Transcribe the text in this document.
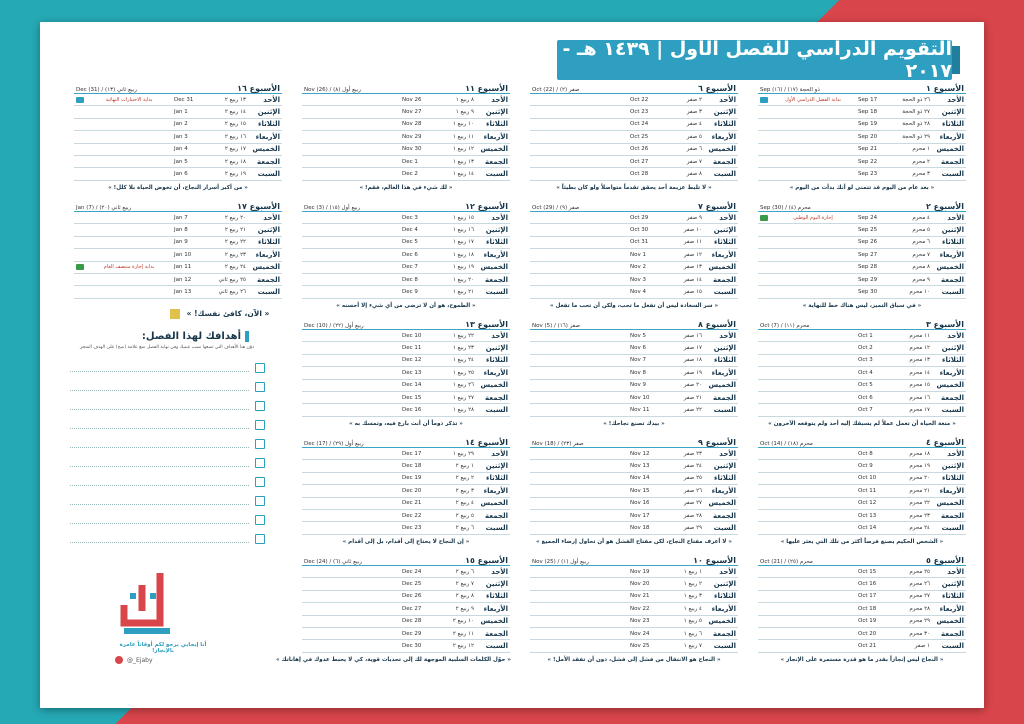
التقويم الدراسي للفصل الأول | ١٤٣٩ هـ - ٢٠١٧
الأسبوع ١
Sep (١٦) / (١٧) ذو الحجة
الأحد
٢٦ ذو الحجة
Sep 17
بداية الفصل الدراسي الأول
الإثنين
٢٧ ذو الحجة
Sep 18
الثلاثاء
٢٨ ذو الحجة
Sep 19
الأربعاء
٢٩ ذو الحجة
Sep 20
الخميس
١ محرم
Sep 21
الجمعة
٢ محرم
Sep 22
السبت
٣ محرم
Sep 23
« بعد عام من اليوم قد تتمنى لو أنك بدأت من اليوم »
الأسبوع ٢
Sep (30) / (٤) محرم
الأحد
٤ محرم
Sep 24
إجازة اليوم الوطني
الإثنين
٥ محرم
Sep 25
الثلاثاء
٦ محرم
Sep 26
الأربعاء
٧ محرم
Sep 27
الخميس
٨ محرم
Sep 28
الجمعة
٩ محرم
Sep 29
السبت
١٠ محرم
Sep 30
« في سباق التميز، ليس هناك خط للنهاية »
الأسبوع ٣
Oct (7) / (١١) محرم
الأحد
١١ محرم
Oct 1
الإثنين
١٢ محرم
Oct 2
الثلاثاء
١٣ محرم
Oct 3
الأربعاء
١٤ محرم
Oct 4
الخميس
١٥ محرم
Oct 5
الجمعة
١٦ محرم
Oct 6
السبت
١٧ محرم
Oct 7
« متعة الحياة أن تعمل عملاً لم يسبقك إليه أحد ولم يتوقعه الآخرون »
الأسبوع ٤
Oct (14) / (١٨) محرم
الأحد
١٨ محرم
Oct 8
الإثنين
١٩ محرم
Oct 9
الثلاثاء
٢٠ محرم
Oct 10
الأربعاء
٢١ محرم
Oct 11
الخميس
٢٢ محرم
Oct 12
الجمعة
٢٣ محرم
Oct 13
السبت
٢٤ محرم
Oct 14
« الشخص الحكيم يصنع فرصاً أكثر من تلك التي يعثر عليها »
الأسبوع ٥
Oct (21) / (٢٥) محرم
الأحد
٢٥ محرم
Oct 15
الإثنين
٢٦ محرم
Oct 16
الثلاثاء
٢٧ محرم
Oct 17
الأربعاء
٢٨ محرم
Oct 18
الخميس
٢٩ محرم
Oct 19
الجمعة
٣٠ محرم
Oct 20
السبت
١ صفر
Oct 21
« النجاح ليس إنجازاً بقدر ما هو قدرة مستمرة على الإنجاز »
الأسبوع ٦
Oct (22) / (٢) صفر
الأحد
٢ صفر
Oct 22
الإثنين
٣ صفر
Oct 23
الثلاثاء
٤ صفر
Oct 24
الأربعاء
٥ صفر
Oct 25
الخميس
٦ صفر
Oct 26
الجمعة
٧ صفر
Oct 27
السبت
٨ صفر
Oct 28
« لا تلبط عزيمة أحد يحقق تقدماً متواصلاً ولو كان بطيئاً »
الأسبوع ٧
Oct (29) / (٩) صفر
الأحد
٩ صفر
Oct 29
الإثنين
١٠ صفر
Oct 30
الثلاثاء
١١ صفر
Oct 31
الأربعاء
١٢ صفر
Nov 1
الخميس
١٣ صفر
Nov 2
الجمعة
١٤ صفر
Nov 3
السبت
١٥ صفر
Nov 4
« سر السعادة ليس أن تفعل ما تحب، ولكن أن تحب ما تفعل »
الأسبوع ٨
Nov (5) / (١٦) صفر
الأحد
١٦ صفر
Nov 5
الإثنين
١٧ صفر
Nov 6
الثلاثاء
١٨ صفر
Nov 7
الأربعاء
١٩ صفر
Nov 8
الخميس
٢٠ صفر
Nov 9
الجمعة
٢١ صفر
Nov 10
السبت
٢٢ صفر
Nov 11
« بيدك تصنع نجاحك! »
الأسبوع ٩
Nov (18) / (٢٣) صفر
الأحد
٢٣ صفر
Nov 12
الإثنين
٢٤ صفر
Nov 13
الثلاثاء
٢٥ صفر
Nov 14
الأربعاء
٢٦ صفر
Nov 15
الخميس
٢٧ صفر
Nov 16
الجمعة
٢٨ صفر
Nov 17
السبت
٢٩ صفر
Nov 18
« لا أعرف مفتاح النجاح، لكن مفتاح الفشل هو أن تحاول إرضاء الجميع »
الأسبوع ١٠
Nov (25) / (١) ربيع أول
الأحد
١ ربيع ١
Nov 19
الإثنين
٢ ربيع ١
Nov 20
الثلاثاء
٣ ربيع ١
Nov 21
الأربعاء
٤ ربيع ١
Nov 22
الخميس
٥ ربيع ١
Nov 23
الجمعة
٦ ربيع ١
Nov 24
السبت
٧ ربيع ١
Nov 25
« النجاح هو الانتقال من فشل إلى فشل، دون أن تفقد الأمل! »
الأسبوع ١١
Nov (26) / (٨) ربيع أول
الأحد
٨ ربيع ١
Nov 26
الإثنين
٩ ربيع ١
Nov 27
الثلاثاء
١٠ ربيع ١
Nov 28
الأربعاء
١١ ربيع ١
Nov 29
الخميس
١٢ ربيع ١
Nov 30
الجمعة
١٣ ربيع ١
Dec 1
السبت
١٤ ربيع ١
Dec 2
« لك شيء في هذا العالم، فقم! »
الأسبوع ١٢
Dec (3) / (١٥) ربيع أول
الأحد
١٥ ربيع ١
Dec 3
الإثنين
١٦ ربيع ١
Dec 4
الثلاثاء
١٧ ربيع ١
Dec 5
الأربعاء
١٨ ربيع ١
Dec 6
الخميس
١٩ ربيع ١
Dec 7
الجمعة
٢٠ ربيع ١
Dec 8
السبت
٢١ ربيع ١
Dec 9
« الطموح، هو أن لا ترضى من أي شيء إلا أحسنه »
الأسبوع ١٣
Dec (10) / (٢٢) ربيع أول
الأحد
٢٢ ربيع ١
Dec 10
الإثنين
٢٣ ربيع ١
Dec 11
الثلاثاء
٢٤ ربيع ١
Dec 12
الأربعاء
٢٥ ربيع ١
Dec 13
الخميس
٢٦ ربيع ١
Dec 14
الجمعة
٢٧ ربيع ١
Dec 15
السبت
٢٨ ربيع ١
Dec 16
« تذكر دوماً أن أنت بارع فيه، وتمسك به »
الأسبوع ١٤
Dec (17) / (٢٩) ربيع أول
الأحد
٢٩ ربيع ١
Dec 17
الإثنين
١ ربيع ٢
Dec 18
الثلاثاء
٢ ربيع ٢
Dec 19
الأربعاء
٣ ربيع ٢
Dec 20
الخميس
٤ ربيع ٢
Dec 21
الجمعة
٥ ربيع ٢
Dec 22
السبت
٦ ربيع ٢
Dec 23
« إن النجاح لا يحتاج إلى أقدام، بل إلى أقدام »
الأسبوع ١٥
Dec (24) / (٦) ربيع ثاني
الأحد
٦ ربيع ٢
Dec 24
الإثنين
٧ ربيع ٢
Dec 25
الثلاثاء
٨ ربيع ٢
Dec 26
الأربعاء
٩ ربيع ٢
Dec 27
الخميس
١٠ ربيع ٢
Dec 28
الجمعة
١١ ربيع ٢
Dec 29
السبت
١٢ ربيع ٢
Dec 30
« حوّل الكلمات السلبية الموجهة لك إلى تحديات قوية، كي لا يحبط عدوك في إهاناتك »
الأسبوع ١٦
Dec (31) / (١٣) ربيع ثاني
الأحد
١٣ ربيع ٢
Dec 31
بداية الاختبارات النهائية
الإثنين
١٤ ربيع ٢
Jan 1
الثلاثاء
١٥ ربيع ٢
Jan 2
الأربعاء
١٦ ربيع ٢
Jan 3
الخميس
١٧ ربيع ٢
Jan 4
الجمعة
١٨ ربيع ٢
Jan 5
السبت
١٩ ربيع ٢
Jan 6
« من أكبر أسرار النجاح، أن تخوض الحياة بلا كلل! »
الأسبوع ١٧
Jan (7) / (٢٠) ربيع ثاني
الأحد
٢٠ ربيع ٢
Jan 7
الإثنين
٢١ ربيع ٢
Jan 8
الثلاثاء
٢٢ ربيع ٢
Jan 9
الأربعاء
٢٣ ربيع ٢
Jan 10
الخميس
٢٤ ربيع ٢
Jan 11
بداية إجازة منتصف العام
الجمعة
٢٥ ربيع ثاني
Jan 12
السبت
٢٦ ربيع ثاني
Jan 13
« الآن، كافئ نفسك! »
أهدافك لهذا الفصل:
دوّن هنا الأهداف التي تضعها نصب عينيك وفي نهاية الفصل ضع علامة (صح) على الهدف المنجز
أنا إيجابي يرجو لكم أوقاتاً عامرة بالإنجاز!
@_Ejaby
